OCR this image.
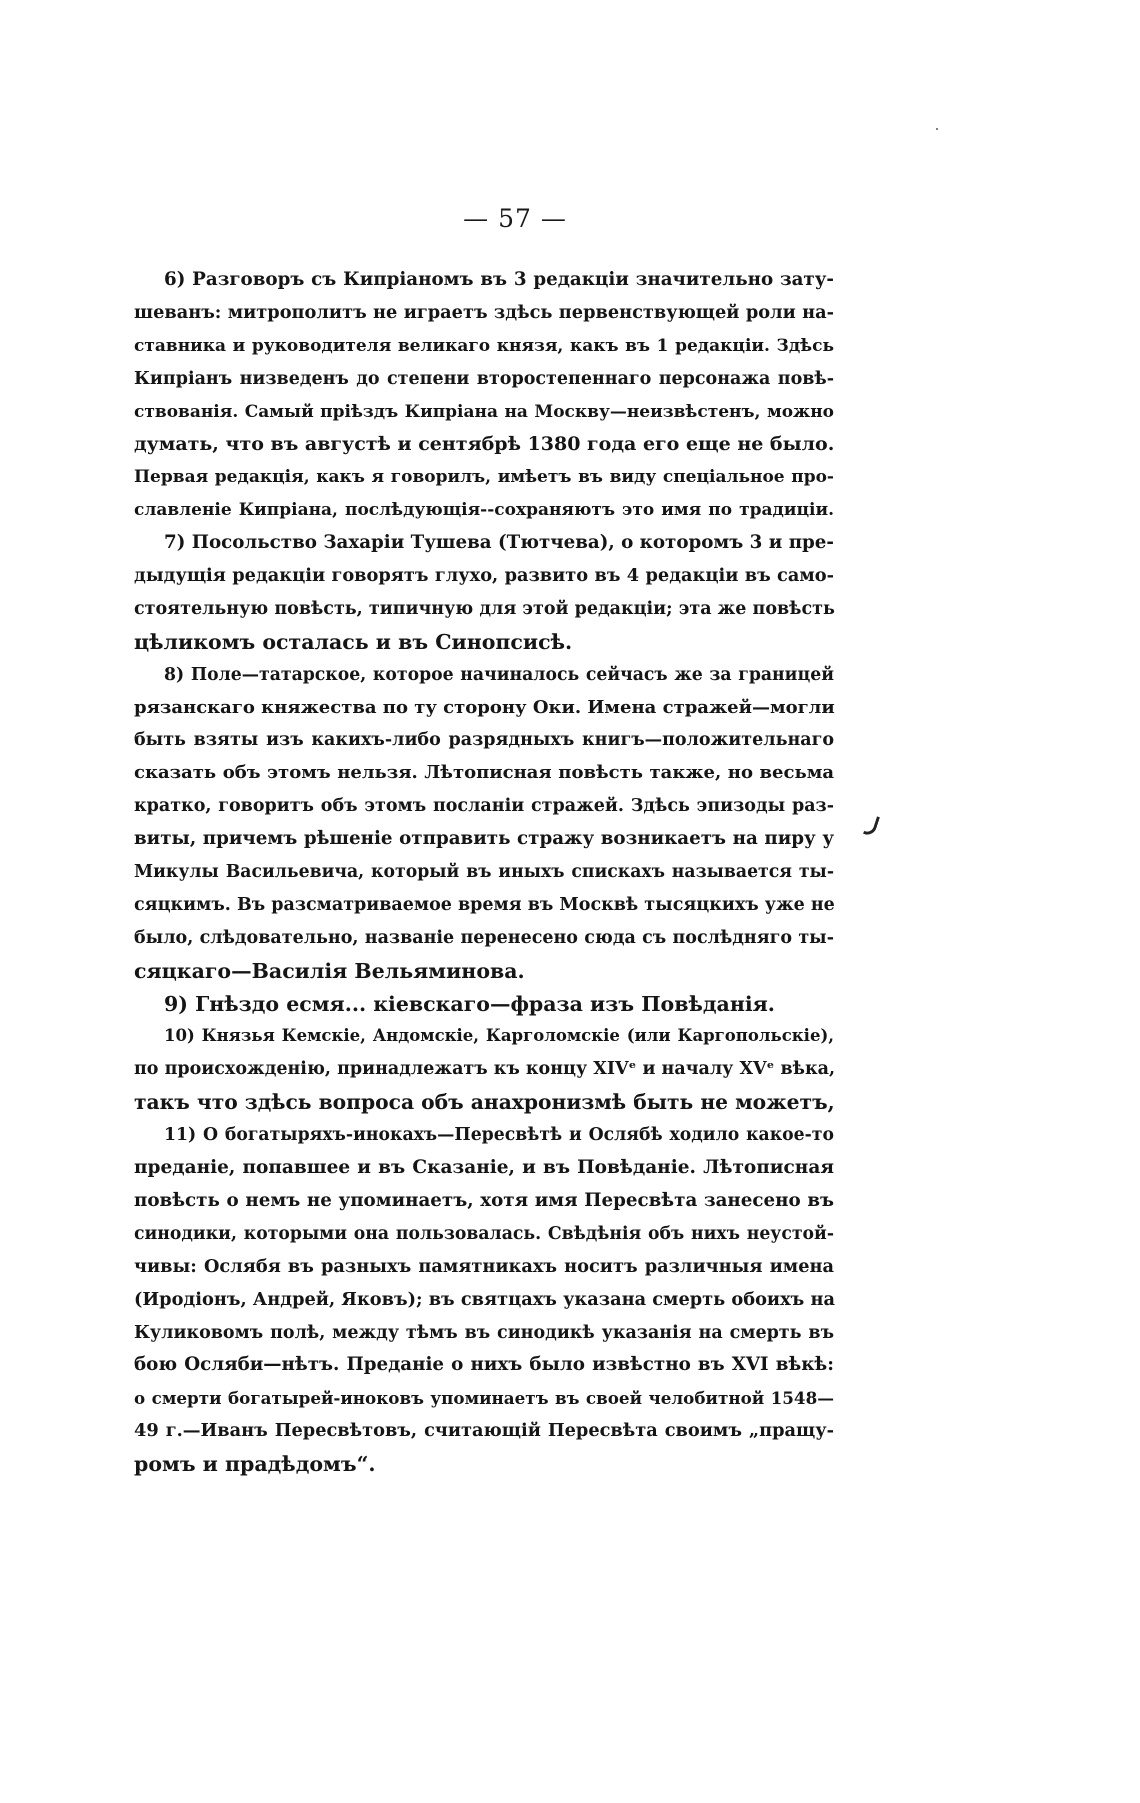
— 57 —
6) Разговоръ съ Кипріаномъ въ 3 редакціи значительно зату-
шеванъ: митрополитъ не играетъ здѣсь первенствующей роли на-
ставника и руководителя великаго князя, какъ въ 1 редакціи. Здѣсь
Кипріанъ низведенъ до степени второстепеннаго персонажа повѣ-
ствованія. Самый пріѣздъ Кипріана на Москву—неизвѣстенъ, можно
думать, что въ августѣ и сентябрѣ 1380 года его еще не было.
Первая редакція, какъ я говорилъ, имѣетъ въ виду спеціальное про-
славленіе Кипріана, послѣдующія--сохраняютъ это имя по традиціи.
7) Посольство Захаріи Тушева (Тютчева), о которомъ 3 и пре-
дыдущія редакціи говорятъ глухо, развито въ 4 редакціи въ само-
стоятельную повѣсть, типичную для этой редакціи; эта же повѣсть
цѣликомъ осталась и въ Синопсисѣ.
8) Поле—татарское, которое начиналось сейчасъ же за границей
рязанскаго княжества по ту сторону Оки. Имена стражей—могли
быть взяты изъ какихъ-либо разрядныхъ книгъ—положительнаго
сказать объ этомъ нельзя. Лѣтописная повѣсть также, но весьма
кратко, говоритъ объ этомъ посланіи стражей. Здѣсь эпизоды раз-
виты, причемъ рѣшеніе отправить стражу возникаетъ на пиру у
Микулы Васильевича, который въ иныхъ спискахъ называется ты-
сяцкимъ. Въ разсматриваемое время въ Москвѣ тысяцкихъ уже не
было, слѣдовательно, названіе перенесено сюда съ послѣдняго ты-
сяцкаго—Василія Вельяминова.
9) Гнѣздо есмя... кіевскаго—фраза изъ Повѣданія.
10) Князья Кемскіе, Андомскіе, Карголомскіе (или Каргопольскіе),
по происхожденію, принадлежатъ къ концу XIVᵉ и началу XVᵉ вѣка,
такъ что здѣсь вопроса объ анахронизмѣ быть не можетъ,
11) О богатыряхъ-инокахъ—Пересвѣтѣ и Ослябѣ ходило какое-то
преданіе, попавшее и въ Сказаніе, и въ Повѣданіе. Лѣтописная
повѣсть о немъ не упоминаетъ, хотя имя Пересвѣта занесено въ
синодики, которыми она пользовалась. Свѣдѣнія объ нихъ неустой-
чивы: Ослябя въ разныхъ памятникахъ носитъ различныя имена
(Иродіонъ, Андрей, Яковъ); въ святцахъ указана смерть обоихъ на
Куликовомъ полѣ, между тѣмъ въ синодикѣ указанія на смерть въ
бою Осляби—нѣтъ. Преданіе о нихъ было извѣстно въ XVI вѣкѣ:
о смерти богатырей-иноковъ упоминаетъ въ своей челобитной 1548—
49 г.—Иванъ Пересвѣтовъ, считающій Пересвѣта своимъ „пращу-
ромъ и прадѣдомъ“.
